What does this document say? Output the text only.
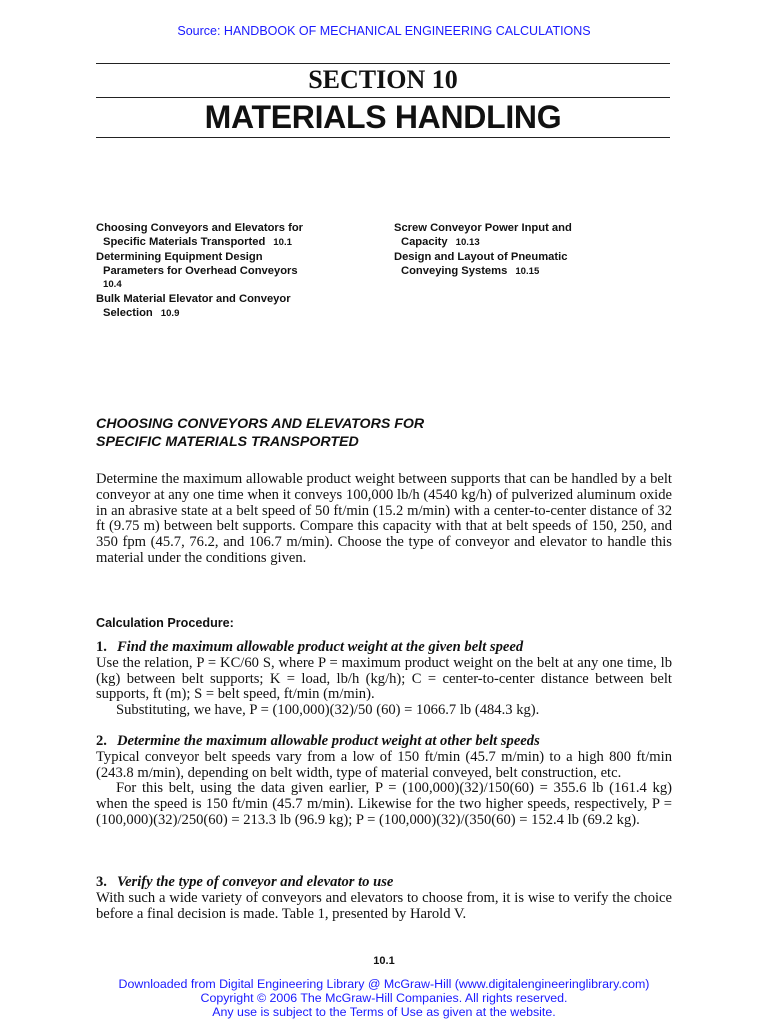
Source: HANDBOOK OF MECHANICAL ENGINEERING CALCULATIONS
SECTION 10
MATERIALS HANDLING
Choosing Conveyors and Elevators for
Specific Materials Transported 10.1
Determining Equipment Design
Parameters for Overhead Conveyors
10.4
Bulk Material Elevator and Conveyor
Selection 10.9
Screw Conveyor Power Input and
Capacity 10.13
Design and Layout of Pneumatic
Conveying Systems 10.15
CHOOSING CONVEYORS AND ELEVATORS FOR
SPECIFIC MATERIALS TRANSPORTED
Determine the maximum allowable product weight between supports that can be handled by a belt conveyor at any one time when it conveys 100,000 lb/h (4540 kg/h) of pulverized aluminum oxide in an abrasive state at a belt speed of 50 ft/min (15.2 m/min) with a center-to-center distance of 32 ft (9.75 m) between belt supports. Compare this capacity with that at belt speeds of 150, 250, and 350 fpm (45.7, 76.2, and 106.7 m/min). Choose the type of conveyor and elevator to handle this material under the conditions given.
Calculation Procedure:
1. Find the maximum allowable product weight at the given belt speed
Use the relation, P = KC/60 S, where P = maximum product weight on the belt at any one time, lb (kg) between belt supports; K = load, lb/h (kg/h); C = center-to-center distance between belt supports, ft (m); S = belt speed, ft/min (m/min).
Substituting, we have, P = (100,000)(32)/50 (60) = 1066.7 lb (484.3 kg).
2. Determine the maximum allowable product weight at other belt speeds
Typical conveyor belt speeds vary from a low of 150 ft/min (45.7 m/min) to a high 800 ft/min (243.8 m/min), depending on belt width, type of material conveyed, belt construction, etc.
For this belt, using the data given earlier, P = (100,000)(32)/150(60) = 355.6 lb (161.4 kg) when the speed is 150 ft/min (45.7 m/min). Likewise for the two higher speeds, respectively, P = (100,000)(32)/250(60) = 213.3 lb (96.9 kg); P = (100,000)(32)/(350(60) = 152.4 lb (69.2 kg).
3. Verify the type of conveyor and elevator to use
With such a wide variety of conveyors and elevators to choose from, it is wise to verify the choice before a final decision is made. Table 1, presented by Harold V.
10.1
Downloaded from Digital Engineering Library @ McGraw-Hill (www.digitalengineeringlibrary.com)
Copyright © 2006 The McGraw-Hill Companies. All rights reserved.
Any use is subject to the Terms of Use as given at the website.
